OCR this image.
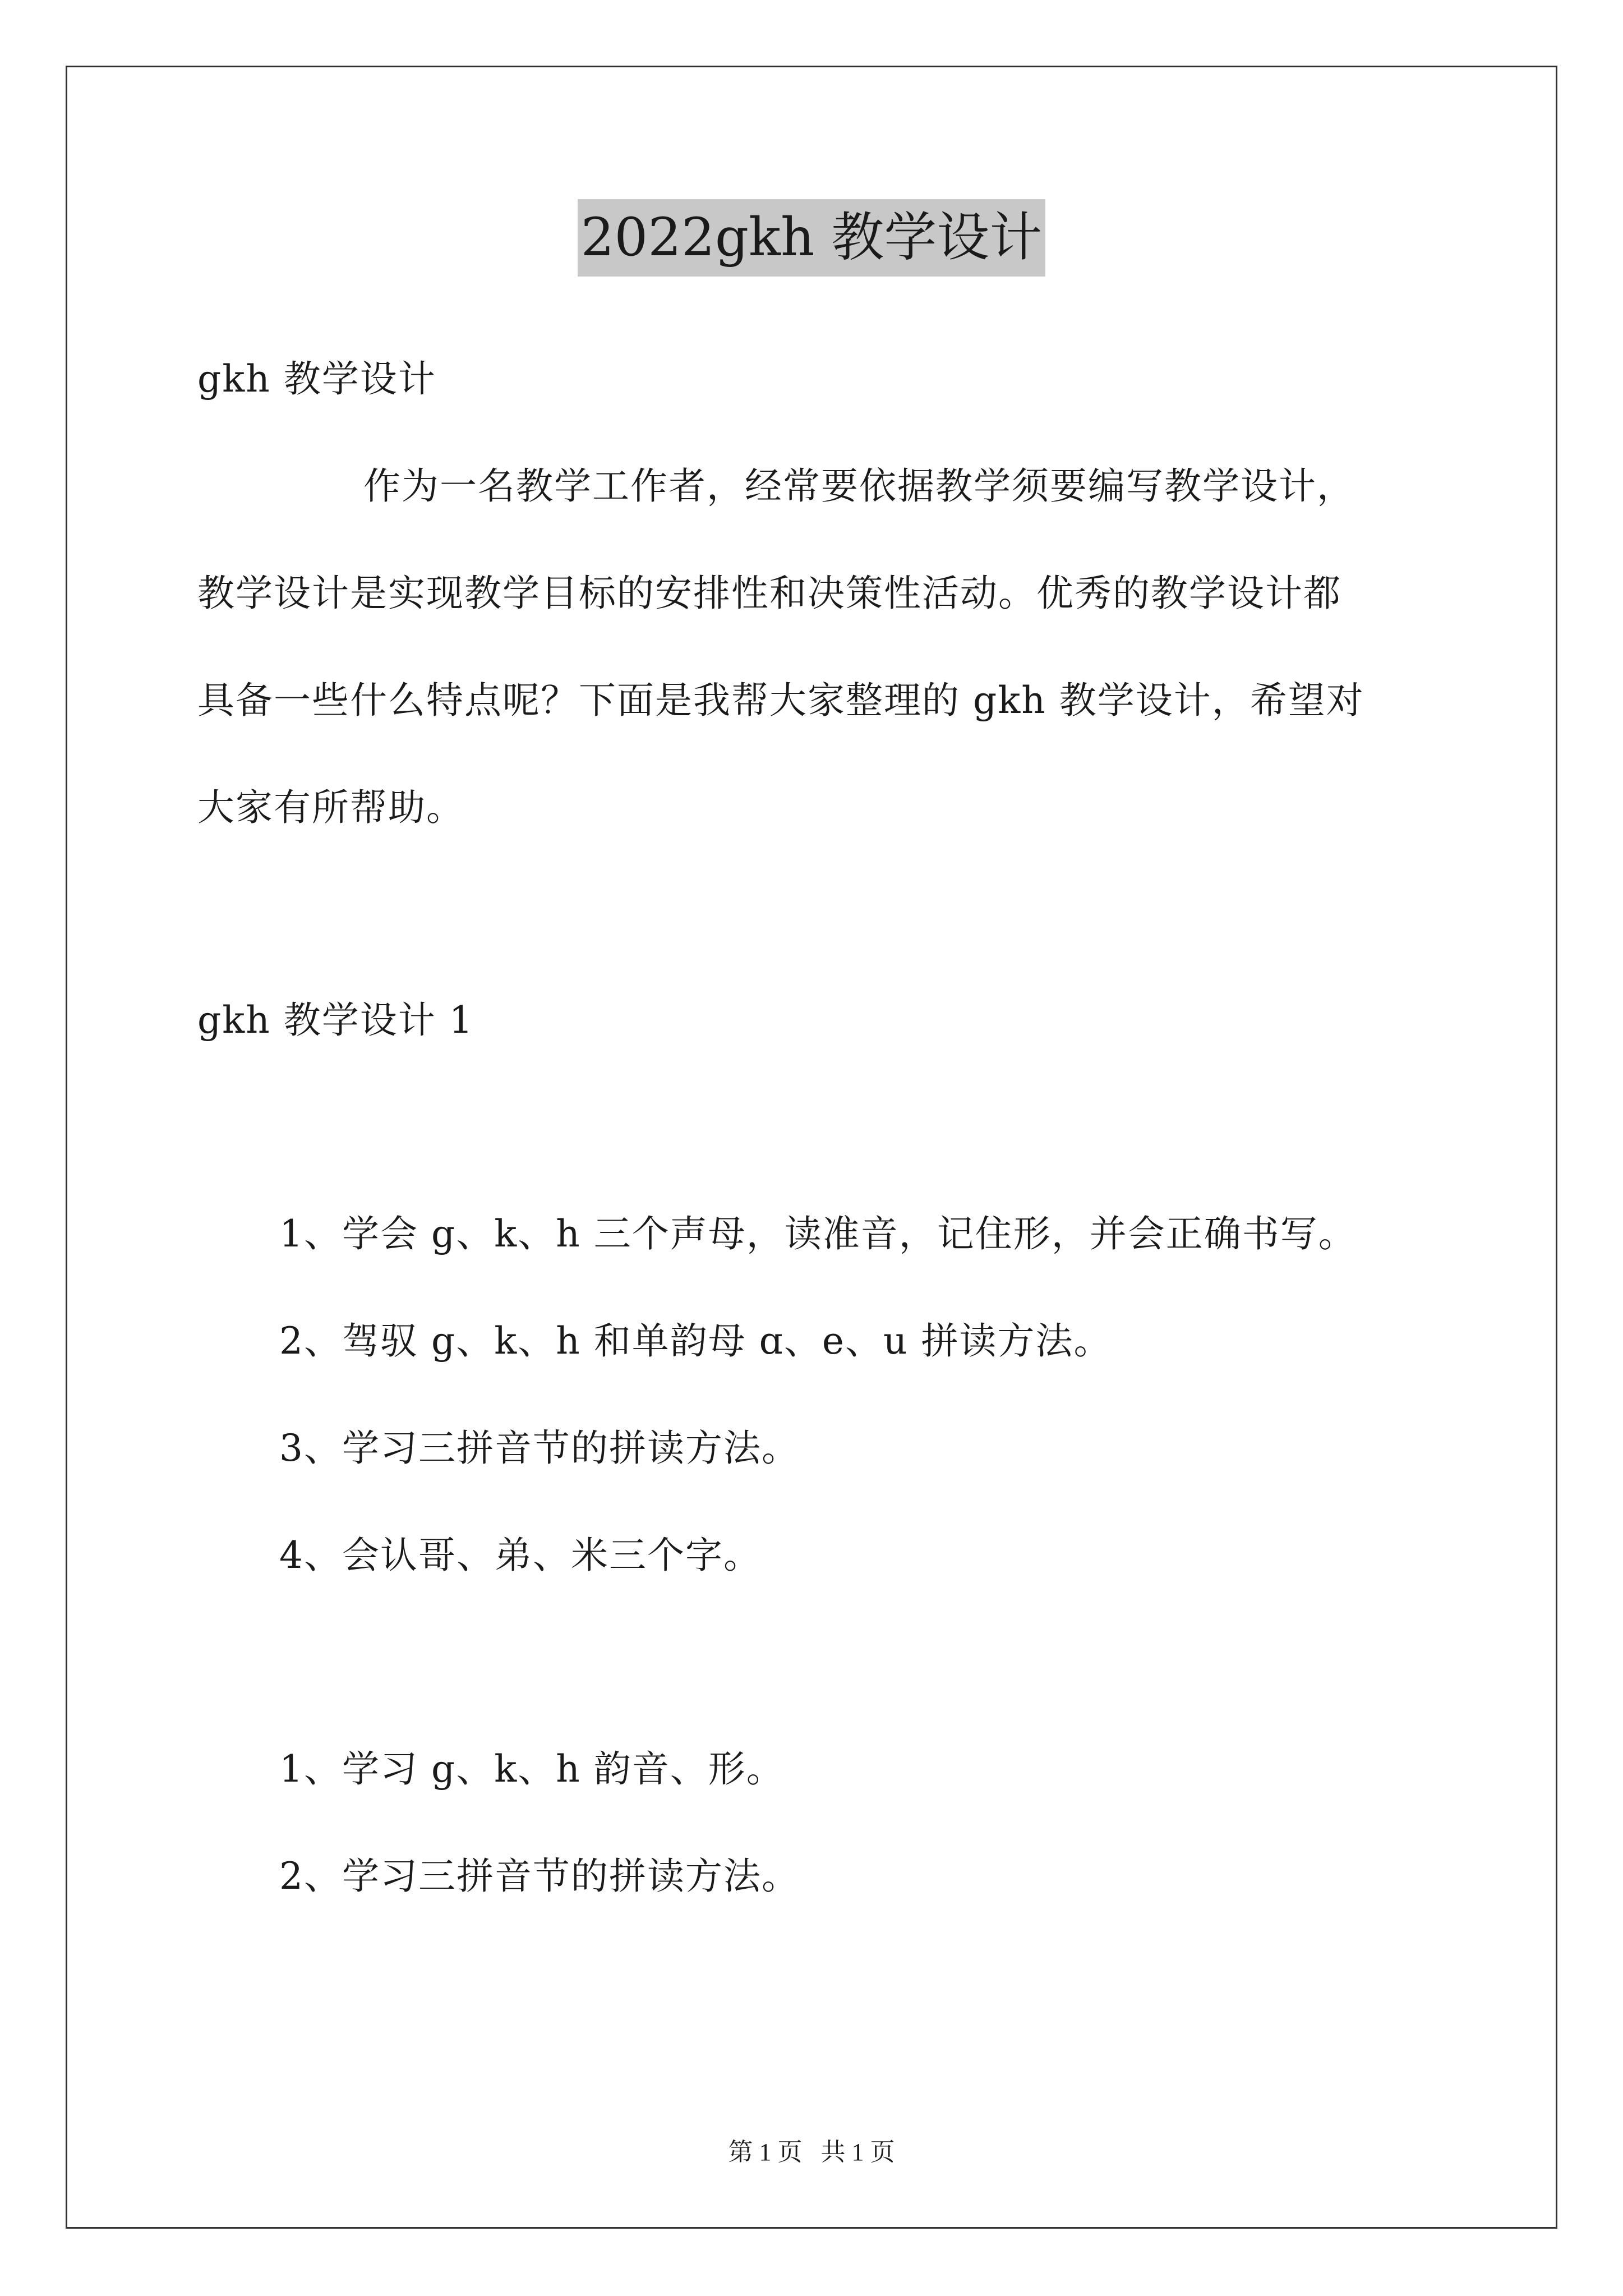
2022gkh 教学设计
gkh 教学设计
作为一名教学工作者，经常要依据教学须要编写教学设计，
教学设计是实现教学目标的安排性和决策性活动。优秀的教学设计都
具备一些什么特点呢？下面是我帮大家整理的 gkh 教学设计，希望对
大家有所帮助。
gkh 教学设计 1
1、学会 g、k、h 三个声母，读准音，记住形，并会正确书写。
2、驾驭 g、k、h 和单韵母 ɑ、e、u 拼读方法。
3、学习三拼音节的拼读方法。
4、会认哥、弟、米三个字。
1、学习 g、k、h 韵音、形。
2、学习三拼音节的拼读方法。
第 1 页   共 1 页
